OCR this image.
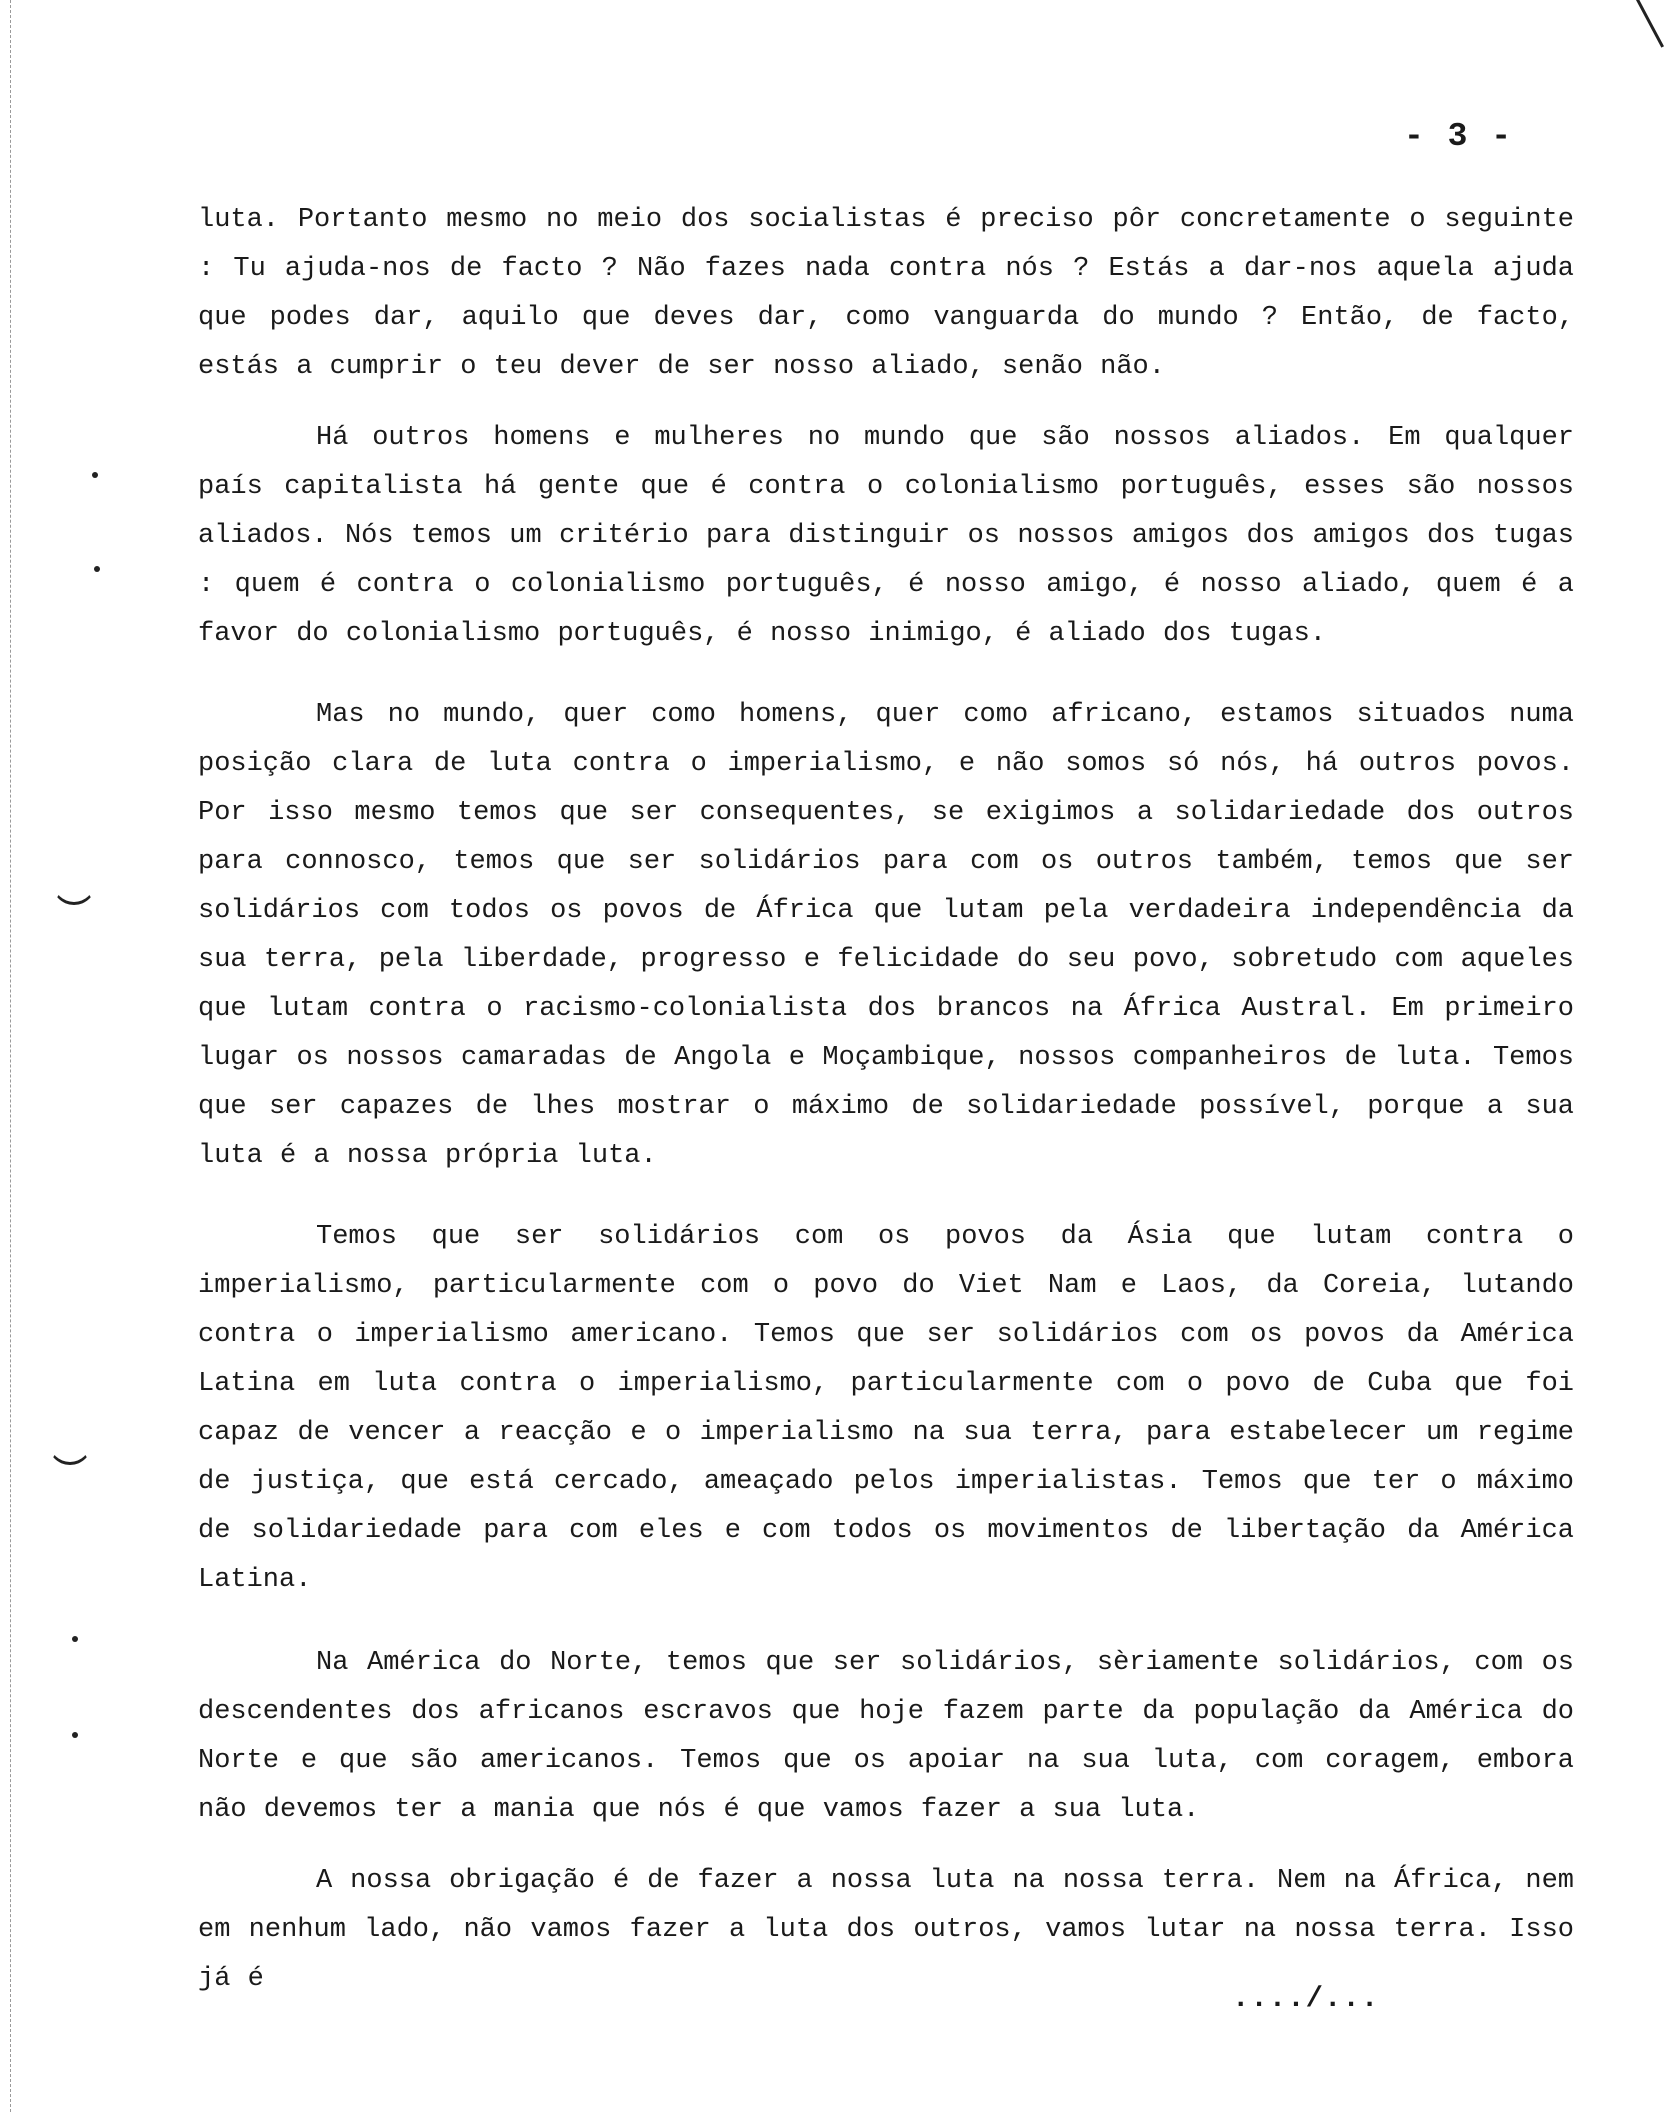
- 3 -

luta. Portanto mesmo no meio dos socialistas é preciso pôr concretamente o seguinte : Tu ajuda-nos de facto ? Não fazes nada contra nós ? Estás a dar-nos aquela ajuda que podes dar, aquilo que deves dar, como vanguarda do mundo ? Então, de facto, estás a cumprir o teu dever de ser nosso aliado, senão não.

Há outros homens e mulheres no mundo que são nossos aliados. Em qualquer país capitalista há gente que é contra o colonialismo português, esses são nossos aliados. Nós temos um critério para distinguir os nossos amigos dos amigos dos tugas : quem é contra o colonialismo português, é nosso amigo, é nosso aliado, quem é a favor do colonialismo português, é nosso inimigo, é aliado dos tugas.

Mas no mundo, quer como homens, quer como africano, estamos situados numa posição clara de luta contra o imperialismo, e não somos só nós, há outros povos. Por isso mesmo temos que ser consequentes, se exigimos a solidariedade dos outros para connosco, temos que ser solidários para com os outros também, temos que ser solidários com todos os povos de África que lutam pela verdadeira independência da sua terra, pela liberdade, progresso e felicidade do seu povo, sobretudo com aqueles que lutam contra o racismo-colonialista dos brancos na África Austral. Em primeiro lugar os nossos camaradas de Angola e Moçambique, nossos companheiros de luta. Temos que ser capazes de lhes mostrar o máximo de solidariedade possível, porque a sua luta é a nossa própria luta.

Temos que ser solidários com os povos da Ásia que lutam contra o imperialismo, particularmente com o povo do Viet Nam e Laos, da Coreia, lutando contra o imperialismo americano. Temos que ser solidários com os povos da América Latina em luta contra o imperialismo, particularmente com o povo de Cuba que foi capaz de vencer a reacção e o imperialismo na sua terra, para estabelecer um regime de justiça, que está cercado, ameaçado pelos imperialistas. Temos que ter o máximo de solidariedade para com eles e com todos os movimentos de libertação da América Latina.

Na América do Norte, temos que ser solidários, sèriamente solidários, com os descendentes dos africanos escravos que hoje fazem parte da população da América do Norte e que são americanos. Temos que os apoiar na sua luta, com coragem, embora não devemos ter a mania que nós é que vamos fazer a sua luta.

A nossa obrigação é de fazer a nossa luta na nossa terra. Nem na África, nem em nenhum lado, não vamos fazer a luta dos outros, vamos lutar na nossa terra. Isso já é

..../...
